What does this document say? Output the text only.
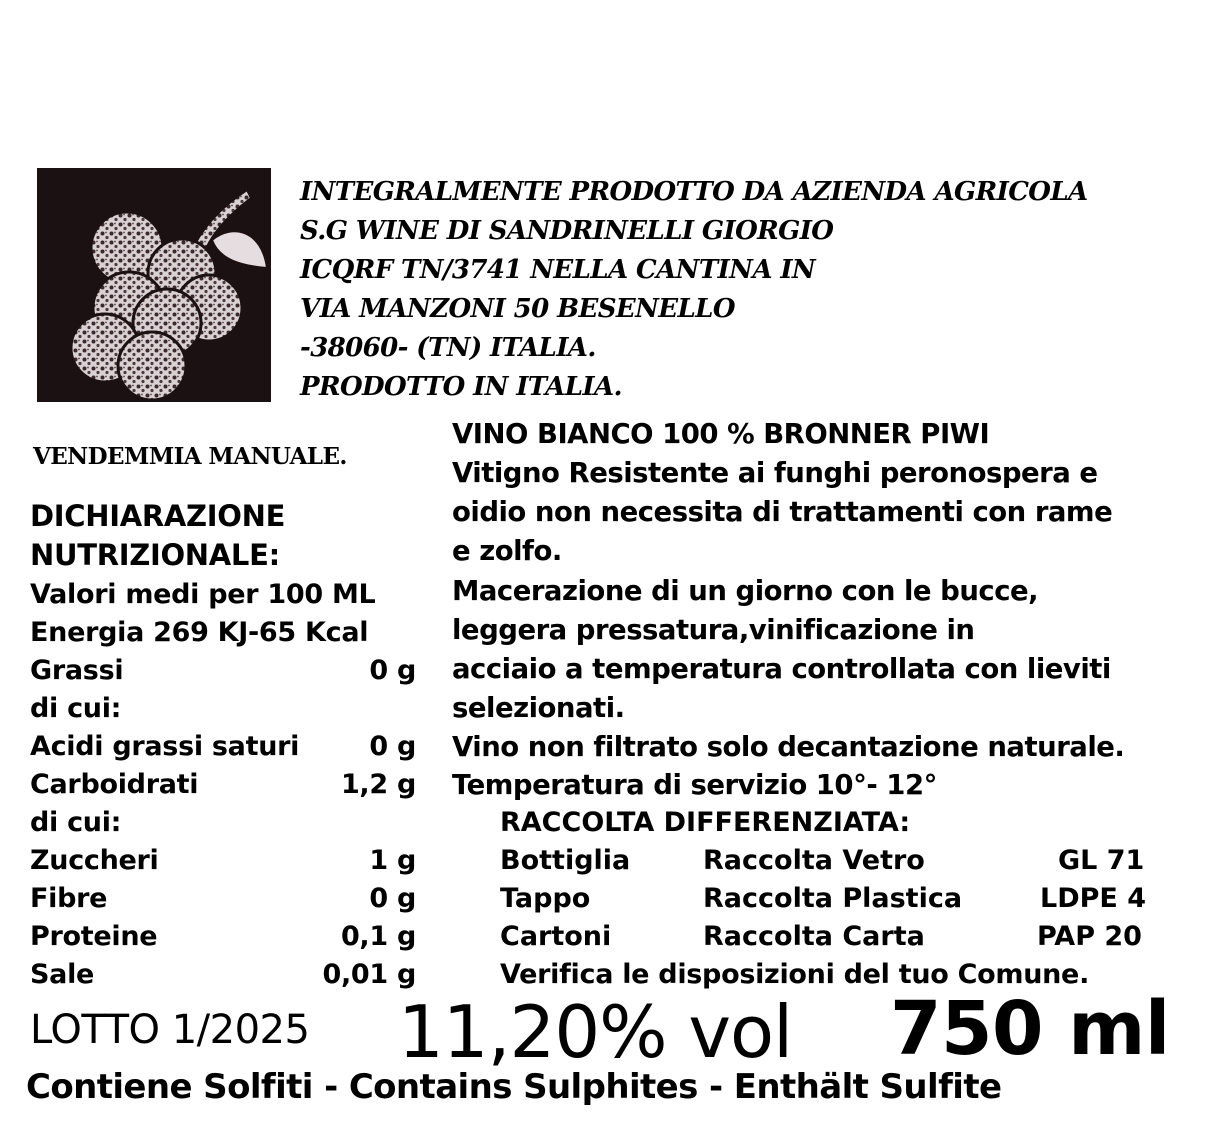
INTEGRALMENTE PRODOTTO DA AZIENDA AGRICOLA
S.G WINE DI SANDRINELLI GIORGIO
ICQRF TN/3741 NELLA CANTINA IN
VIA MANZONI 50 BESENELLO
-38060- (TN) ITALIA.
PRODOTTO IN ITALIA.
VENDEMMIA MANUALE.
DICHIARAZIONE
NUTRIZIONALE:
Valori medi per 100 ML
Energia 269 KJ-65 Kcal
Grassi	0 g
di cui:
Acidi grassi saturi	0 g
Carboidrati	1,2 g
di cui:
Zuccheri	1 g
Fibre	0 g
Proteine	0,1 g
Sale	0,01 g
VINO BIANCO 100 % BRONNER PIWI
Vitigno Resistente ai funghi peronospera e
oidio non necessita di trattamenti con rame
e zolfo.
Macerazione di un giorno con le bucce,
leggera pressatura,vinificazione in
acciaio a temperatura controllata con lieviti
selezionati.
Vino non filtrato solo decantazione naturale.
Temperatura di servizio 10°- 12°
RACCOLTA DIFFERENZIATA:
Bottiglia	Raccolta Vetro	GL 71
Tappo	Raccolta Plastica	LDPE 4
Cartoni	Raccolta Carta	PAP 20
Verifica le disposizioni del tuo Comune.
LOTTO 1/2025 11,20% vol 750 ml
Contiene Solfiti - Contains Sulphites - Enthält Sulfite
